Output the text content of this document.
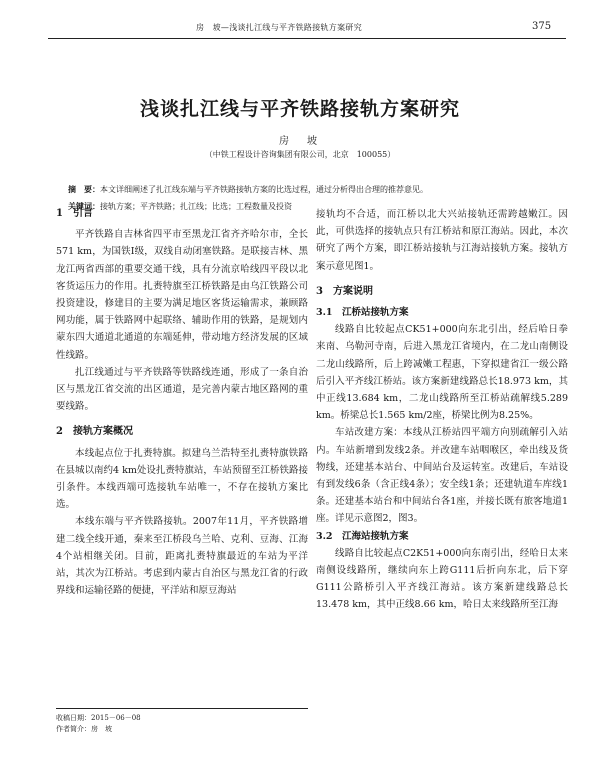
房　坡—浅谈扎江线与平齐铁路接轨方案研究	375
浅谈扎江线与平齐铁路接轨方案研究
房　坡
（中铁工程设计咨询集团有限公司，北京　100055）
摘　要：本文详细阐述了扎江线东端与平齐铁路接轨方案的比选过程，通过分析得出合理的推荐意见。
关键词：接轨方案；平齐铁路；扎江线；比选；工程数量及投资
1　引言

平齐铁路自吉林省四平市至黑龙江省齐齐哈尔市，全长571 km，为国铁Ⅰ级，双线自动闭塞铁路。是联接吉林、黑龙江两省西部的重要交通干线，具有分流京哈线四平段以北客货运压力的作用。扎赉特旗至江桥铁路是由乌江铁路公司投资建设，修建目的主要为满足地区客货运输需求，兼顾路网功能，属于铁路网中起联络、辅助作用的铁路，是规划内蒙东四大通道北通道的东端延伸，带动地方经济发展的区域性线路。

扎江线通过与平齐铁路等铁路线连通，形成了一条自治区与黑龙江省交流的出区通道，是完善内蒙古地区路网的重要线路。

2　接轨方案概况

本线起点位于扎赉特旗。拟建乌兰浩特至扎赉特旗铁路在县城以南约4 km处设扎赉特旗站，车站预留至江桥铁路接引条件。本线西端可选接轨车站唯一，不存在接轨方案比选。

本线东端与平齐铁路接轨。2007年11月，平齐铁路增建二线全线开通，秦来至江桥段乌兰哈、克利、豆海、江海4个站相继关闭。目前，距离扎赉特旗最近的车站为平洋站，其次为江桥站。考虑到内蒙古自治区与黑龙江省的行政界线和运输径路的便捷，平洋站和原豆海站

接轨均不合适，而江桥以北大兴站接轨还需跨越嫩江。因此，可供选择的接轨点只有江桥站和原江海站。因此，本次研究了两个方案，即江桥站接轨与江海站接轨方案。接轨方案示意见图1。

3　方案说明
3.1　江桥站接轨方案

线路自比较起点CK51+000向东北引出，经后哈日拳来南、乌勒河寺南，后进入黑龙江省境内，在二龙山南侧设二龙山线路所，后上跨减嫩工程惠，下穿拟建省江一级公路后引入平齐线江桥站。该方案新建线路总长18.973 km，其中正线13.684 km，二龙山线路所至江桥站疏解线5.289 km。桥梁总长1.565 km/2座，桥梁比例为8.25%。

车站改建方案：本线从江桥站四平端方向别疏解引入站内。车站新增到发线2条。并改建车站咽喉区，牵出线及货物线，还建基本站台、中间站台及运转室。改建后，车站设有到发线6条（含正线4条）；安全线1条；还建轨道车库线1条。还建基本站台和中间站台各1座，并接长既有旅客地道1座。详见示意图2，图3。

3.2　江海站接轨方案

线路自比较起点C2K51+000向东南引出，经哈日太来南侧设线路所，继续向东上跨G111后折向东北，后下穿G111公路桥引入平齐线江海站。该方案新建线路总长13.478 km，其中正线8.66 km，哈日太来线路所至江海

收稿日期：2015－06－08
作者简介：房　坡
